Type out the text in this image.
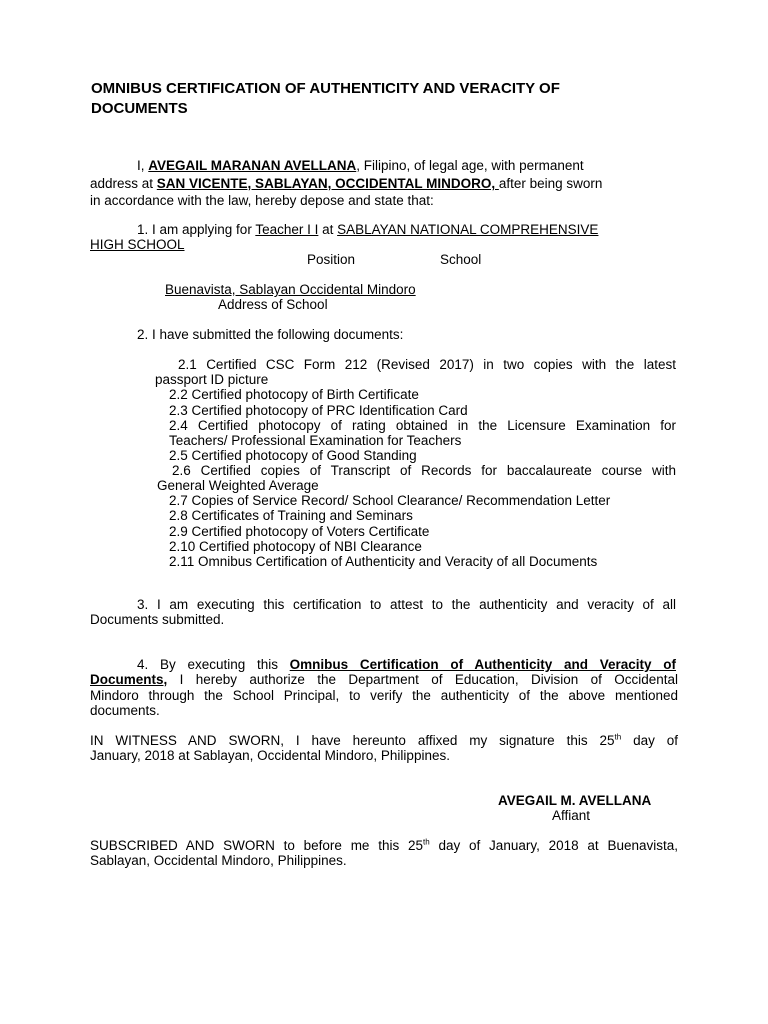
OMNIBUS CERTIFICATION OF AUTHENTICITY AND VERACITY OF
DOCUMENTS
I, AVEGAIL MARANAN AVELLANA, Filipino, of legal age, with permanent
address at SAN VICENTE, SABLAYAN, OCCIDENTAL MINDORO, after being sworn
in accordance with the law, hereby depose and state that:
1. I am applying for Teacher I I at SABLAYAN NATIONAL COMPREHENSIVE
HIGH SCHOOL
Position	School
Buenavista, Sablayan Occidental Mindoro
Address of School
2. I have submitted the following documents:
2.1 Certified CSC Form 212 (Revised 2017) in two copies with the latest
passport ID picture
2.2 Certified photocopy of Birth Certificate
2.3 Certified photocopy of PRC Identification Card
2.4 Certified photocopy of rating obtained in the Licensure Examination for
Teachers/ Professional Examination for Teachers
2.5 Certified photocopy of Good Standing
2.6 Certified copies of Transcript of Records for baccalaureate course with
General Weighted Average
2.7 Copies of Service Record/ School Clearance/ Recommendation Letter
2.8 Certificates of Training and Seminars
2.9 Certified photocopy of Voters Certificate
2.10 Certified photocopy of NBI Clearance
2.11 Omnibus Certification of Authenticity and Veracity of all Documents
3. I am executing this certification to attest to the authenticity and veracity of all
Documents submitted.
4. By executing this Omnibus Certification of Authenticity and Veracity of
Documents, I hereby authorize the Department of Education, Division of Occidental
Mindoro through the School Principal, to verify the authenticity of the above mentioned
documents.
IN WITNESS AND SWORN, I have hereunto affixed my signature this 25th day of
January, 2018 at Sablayan, Occidental Mindoro, Philippines.
AVEGAIL M. AVELLANA
Affiant
SUBSCRIBED AND SWORN to before me this 25th day of January, 2018 at Buenavista,
Sablayan, Occidental Mindoro, Philippines.
